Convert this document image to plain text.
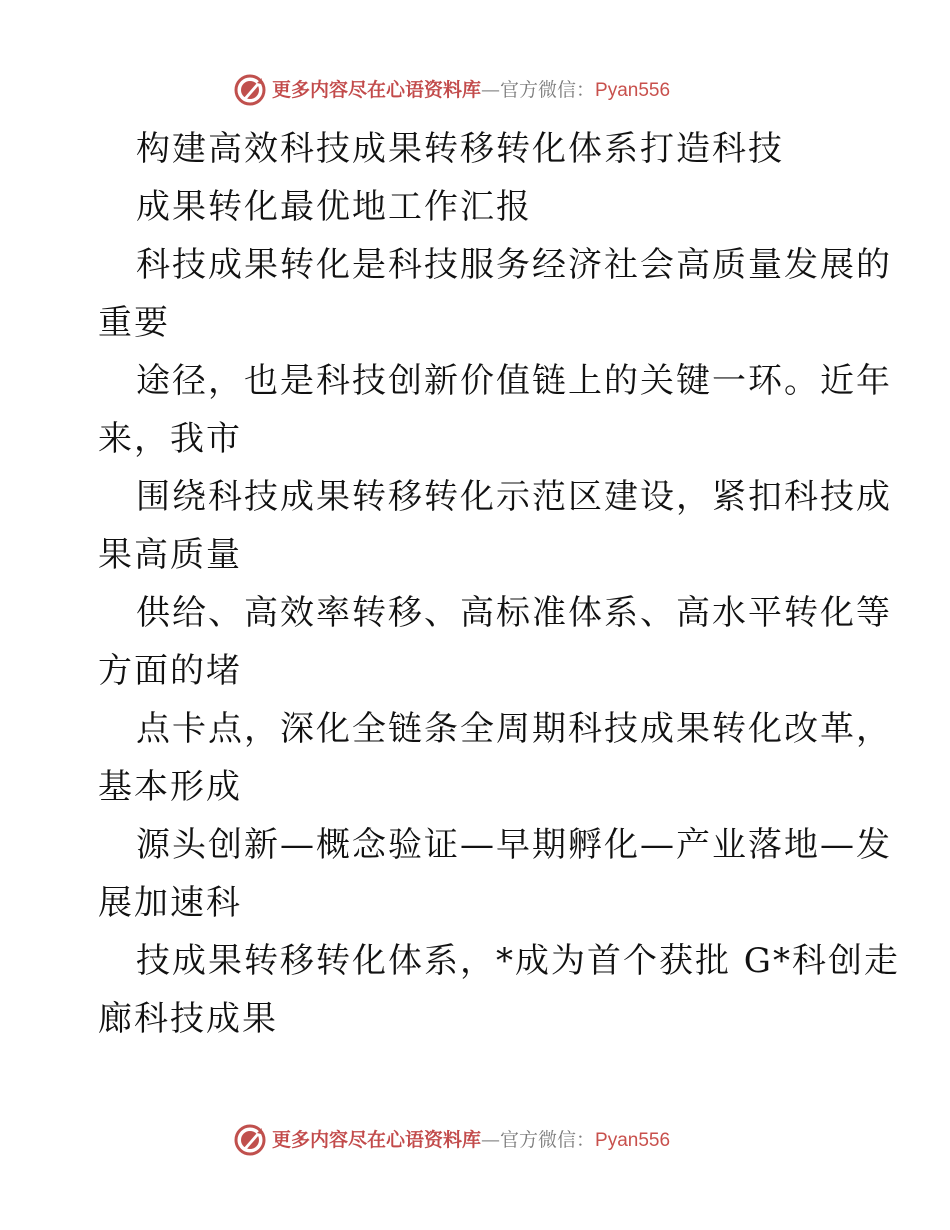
更多内容尽在心语资料库—官方微信：Pyan556
构建高效科技成果转移转化体系打造科技
成果转化最优地工作汇报
科技成果转化是科技服务经济社会高质量发展的
重要
途径，也是科技创新价值链上的关键一环。近年
来，我市
围绕科技成果转移转化示范区建设，紧扣科技成
果高质量
供给、高效率转移、高标准体系、高水平转化等
方面的堵
点卡点，深化全链条全周期科技成果转化改革，
基本形成
源头创新—概念验证—早期孵化—产业落地—发
展加速科
技成果转移转化体系，*成为首个获批 G*科创走
廊科技成果
更多内容尽在心语资料库—官方微信：Pyan556
